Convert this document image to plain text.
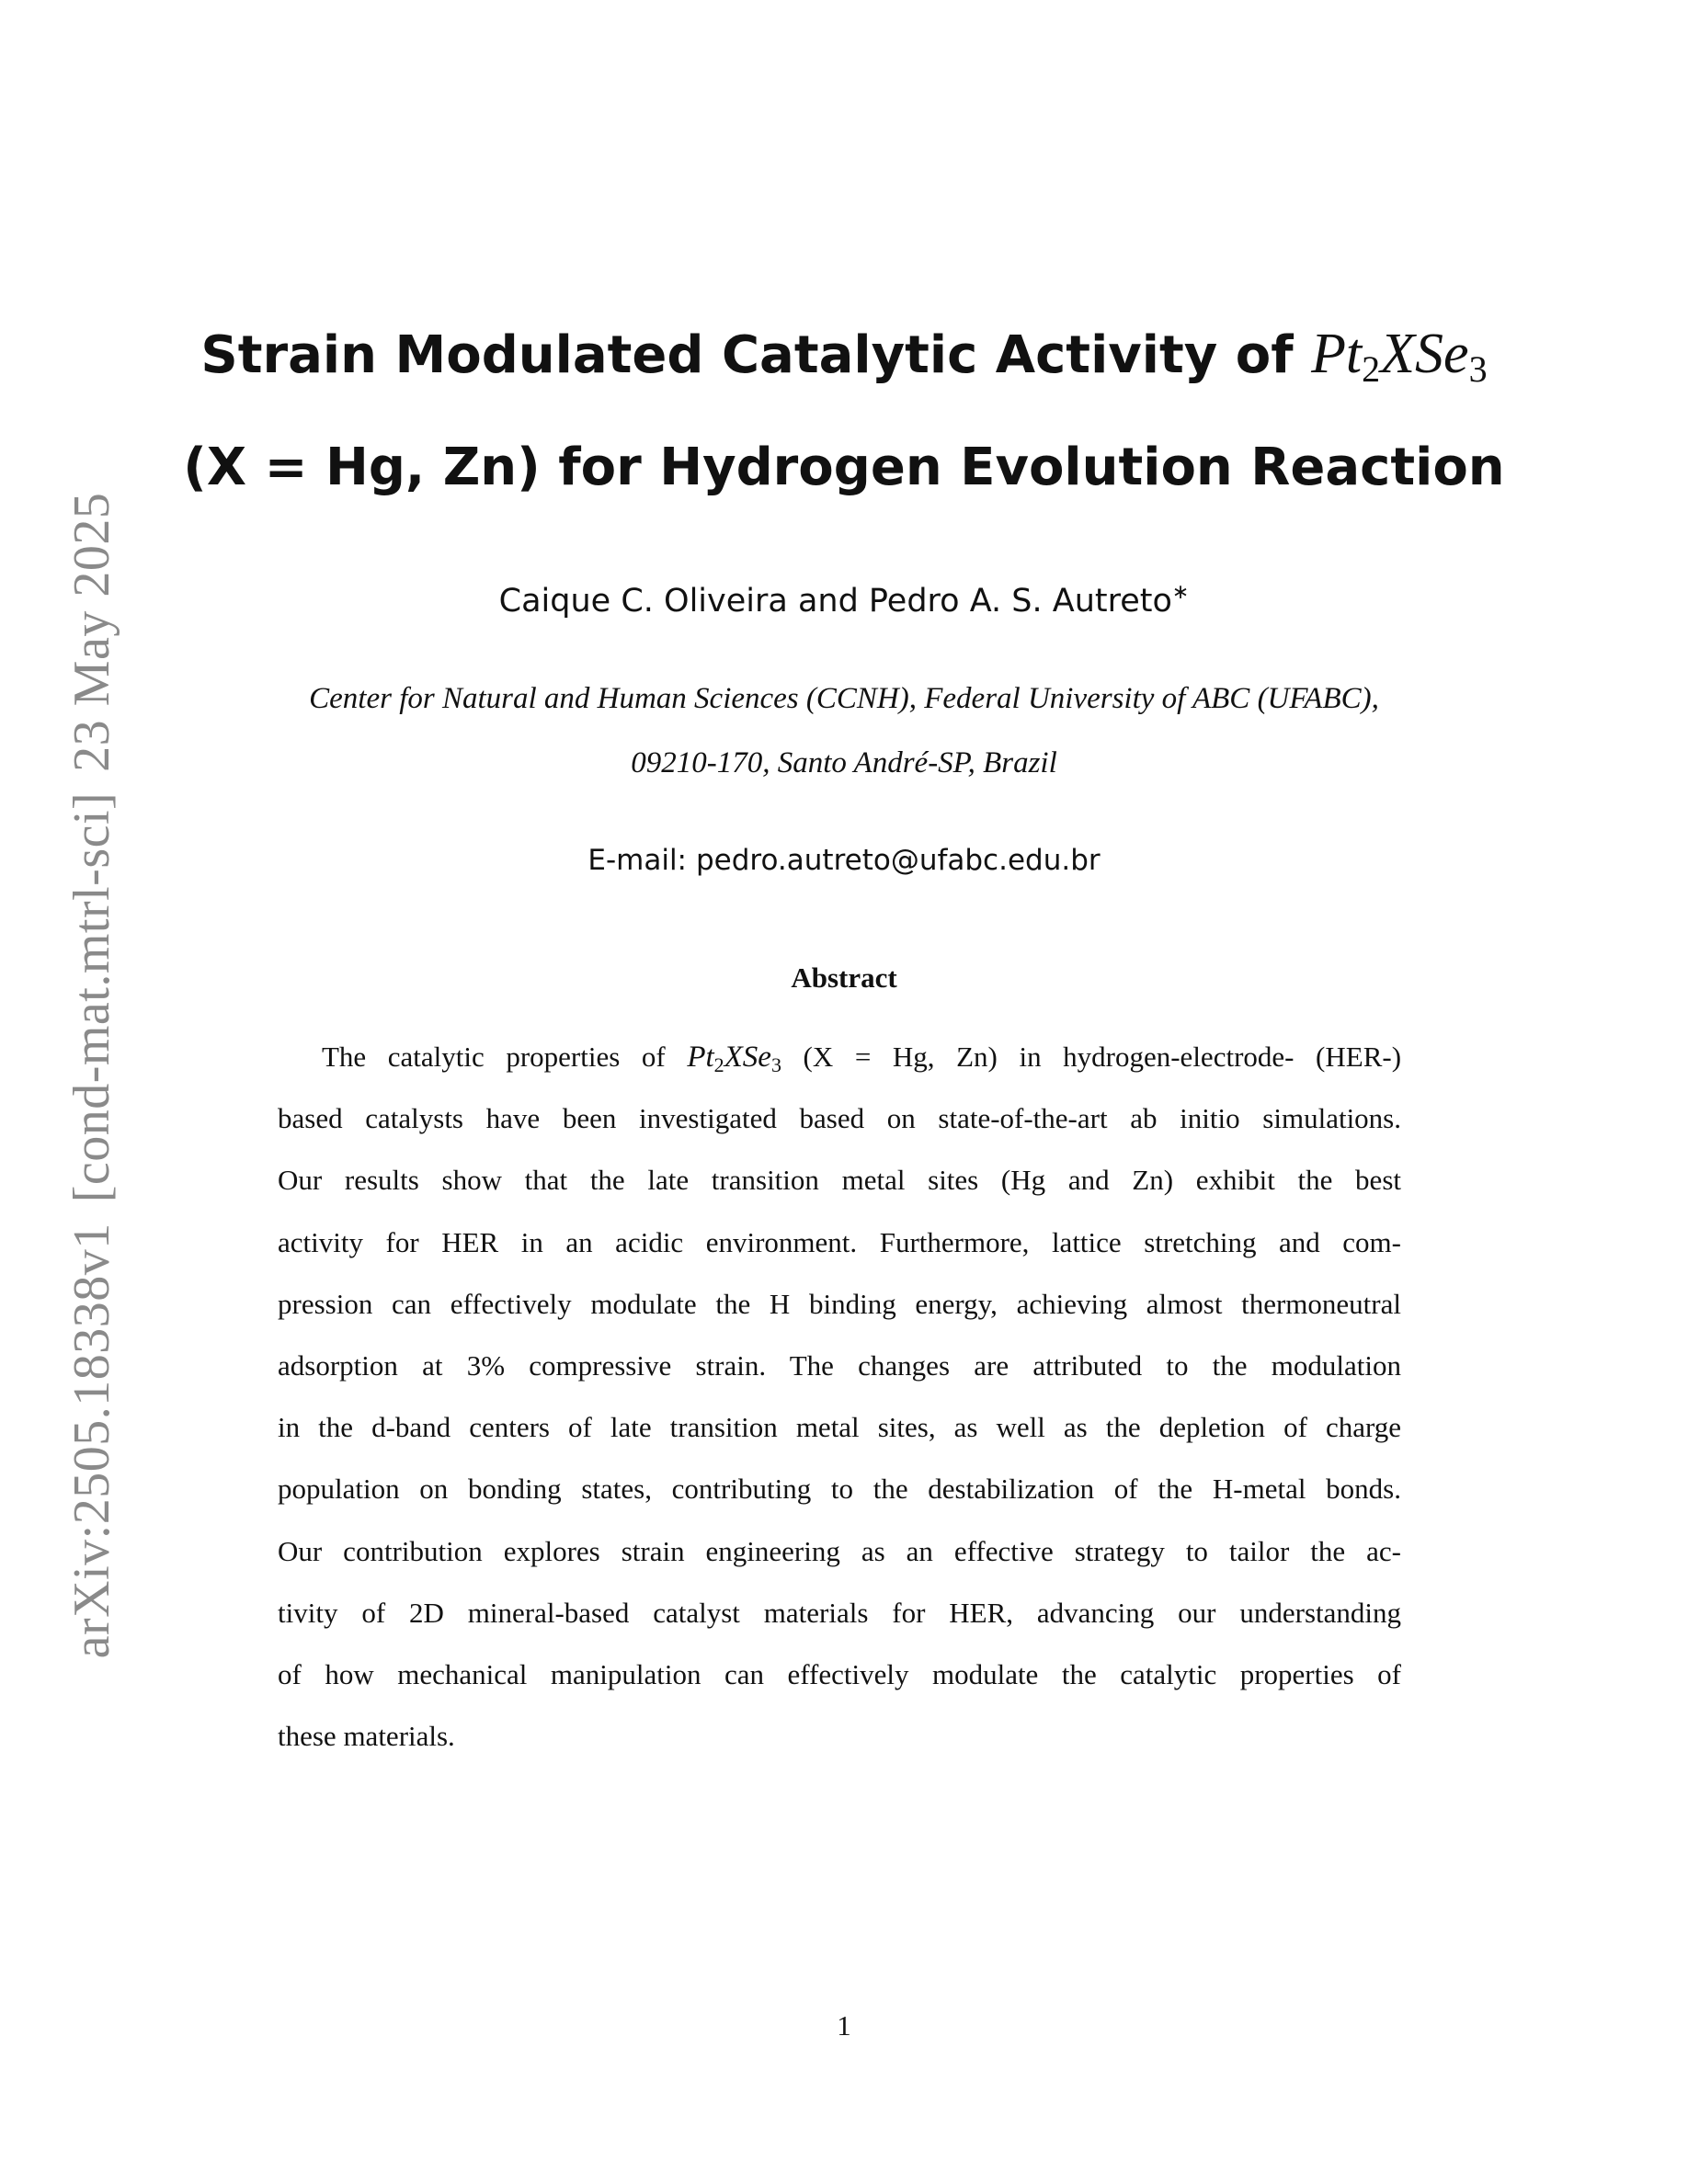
arXiv:2505.18338v1[cond-mat.mtrl-sci]23 May 2025
Strain Modulated Catalytic Activity of $Pt_2XSe_3$
(X = Hg, Zn) for Hydrogen Evolution Reaction
Caique C. Oliveira and Pedro A. S. Autreto∗
Center for Natural and Human Sciences (CCNH), Federal University of ABC (UFABC),
09210-170, Santo André-SP, Brazil
E-mail: pedro.autreto@ufabc.edu.br
Abstract
The catalytic properties of $Pt_2XSe_3$ (X = Hg, Zn) in hydrogen-electrode- (HER-)
based catalysts have been investigated based on state-of-the-art ab initio simulations.
Our results show that the late transition metal sites (Hg and Zn) exhibit the best
activity for HER in an acidic environment. Furthermore, lattice stretching and com-
pression can effectively modulate the H binding energy, achieving almost thermoneutral
adsorption at 3% compressive strain. The changes are attributed to the modulation
in the d-band centers of late transition metal sites, as well as the depletion of charge
population on bonding states, contributing to the destabilization of the H-metal bonds.
Our contribution explores strain engineering as an effective strategy to tailor the ac-
tivity of 2D mineral-based catalyst materials for HER, advancing our understanding
of how mechanical manipulation can effectively modulate the catalytic properties of
these materials.
1
